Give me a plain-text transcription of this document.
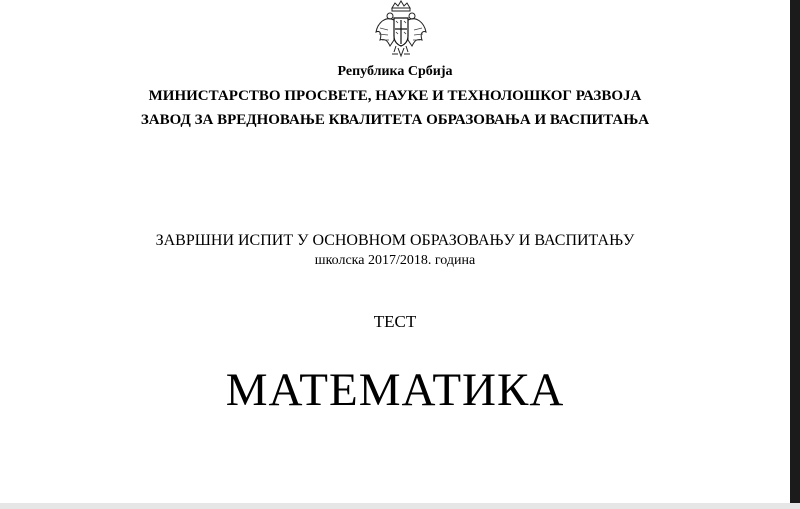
Република Србија
МИНИСТАРСТВО ПРОСВЕТЕ, НАУКЕ И ТЕХНОЛОШКОГ РАЗВОЈА
ЗАВОД ЗА ВРЕДНОВАЊЕ КВАЛИТЕТА ОБРАЗОВАЊА И ВАСПИТАЊА
ЗАВРШНИ ИСПИТ У ОСНОВНОМ ОБРАЗОВАЊУ И ВАСПИТАЊУ
школска 2017/2018. година
ТЕСТ
МАТЕМАТИКА
